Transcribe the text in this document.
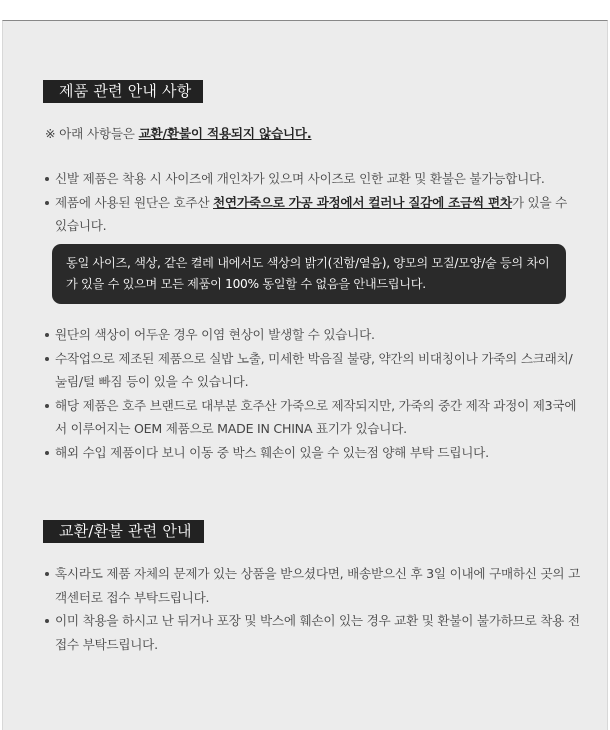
제품 관련 안내 사항
※ 아래 사항들은 교환/환불이 적용되지 않습니다.
신발 제품은 착용 시 사이즈에 개인차가 있으며 사이즈로 인한 교환 및 환불은 불가능합니다.
제품에 사용된 원단은 호주산 천연가죽으로 가공 과정에서 컬러나 질감에 조금씩 편차가 있을 수 있습니다.
동일 사이즈, 색상, 같은 켤레 내에서도 색상의 밝기(진함/옅음), 양모의 모질/모양/숱 등의 차이가 있을 수 있으며 모든 제품이 100% 동일할 수 없음을 안내드립니다.
원단의 색상이 어두운 경우 이염 현상이 발생할 수 있습니다.
수작업으로 제조된 제품으로 실밥 노출, 미세한 박음질 불량, 약간의 비대칭이나 가죽의 스크래치/눌림/털 빠짐 등이 있을 수 있습니다.
해당 제품은 호주 브랜드로 대부분 호주산 가죽으로 제작되지만, 가죽의 중간 제작 과정이 제3국에서 이루어지는 OEM 제품으로 MADE IN CHINA 표기가 있습니다.
해외 수입 제품이다 보니 이동 중 박스 훼손이 있을 수 있는점 양해 부탁 드립니다.
교환/환불 관련 안내
혹시라도 제품 자체의 문제가 있는 상품을 받으셨다면, 배송받으신 후 3일 이내에 구매하신 곳의 고객센터로 접수 부탁드립니다.
이미 착용을 하시고 난 뒤거나 포장 및 박스에 훼손이 있는 경우 교환 및 환불이 불가하므로 착용 전 접수 부탁드립니다.
